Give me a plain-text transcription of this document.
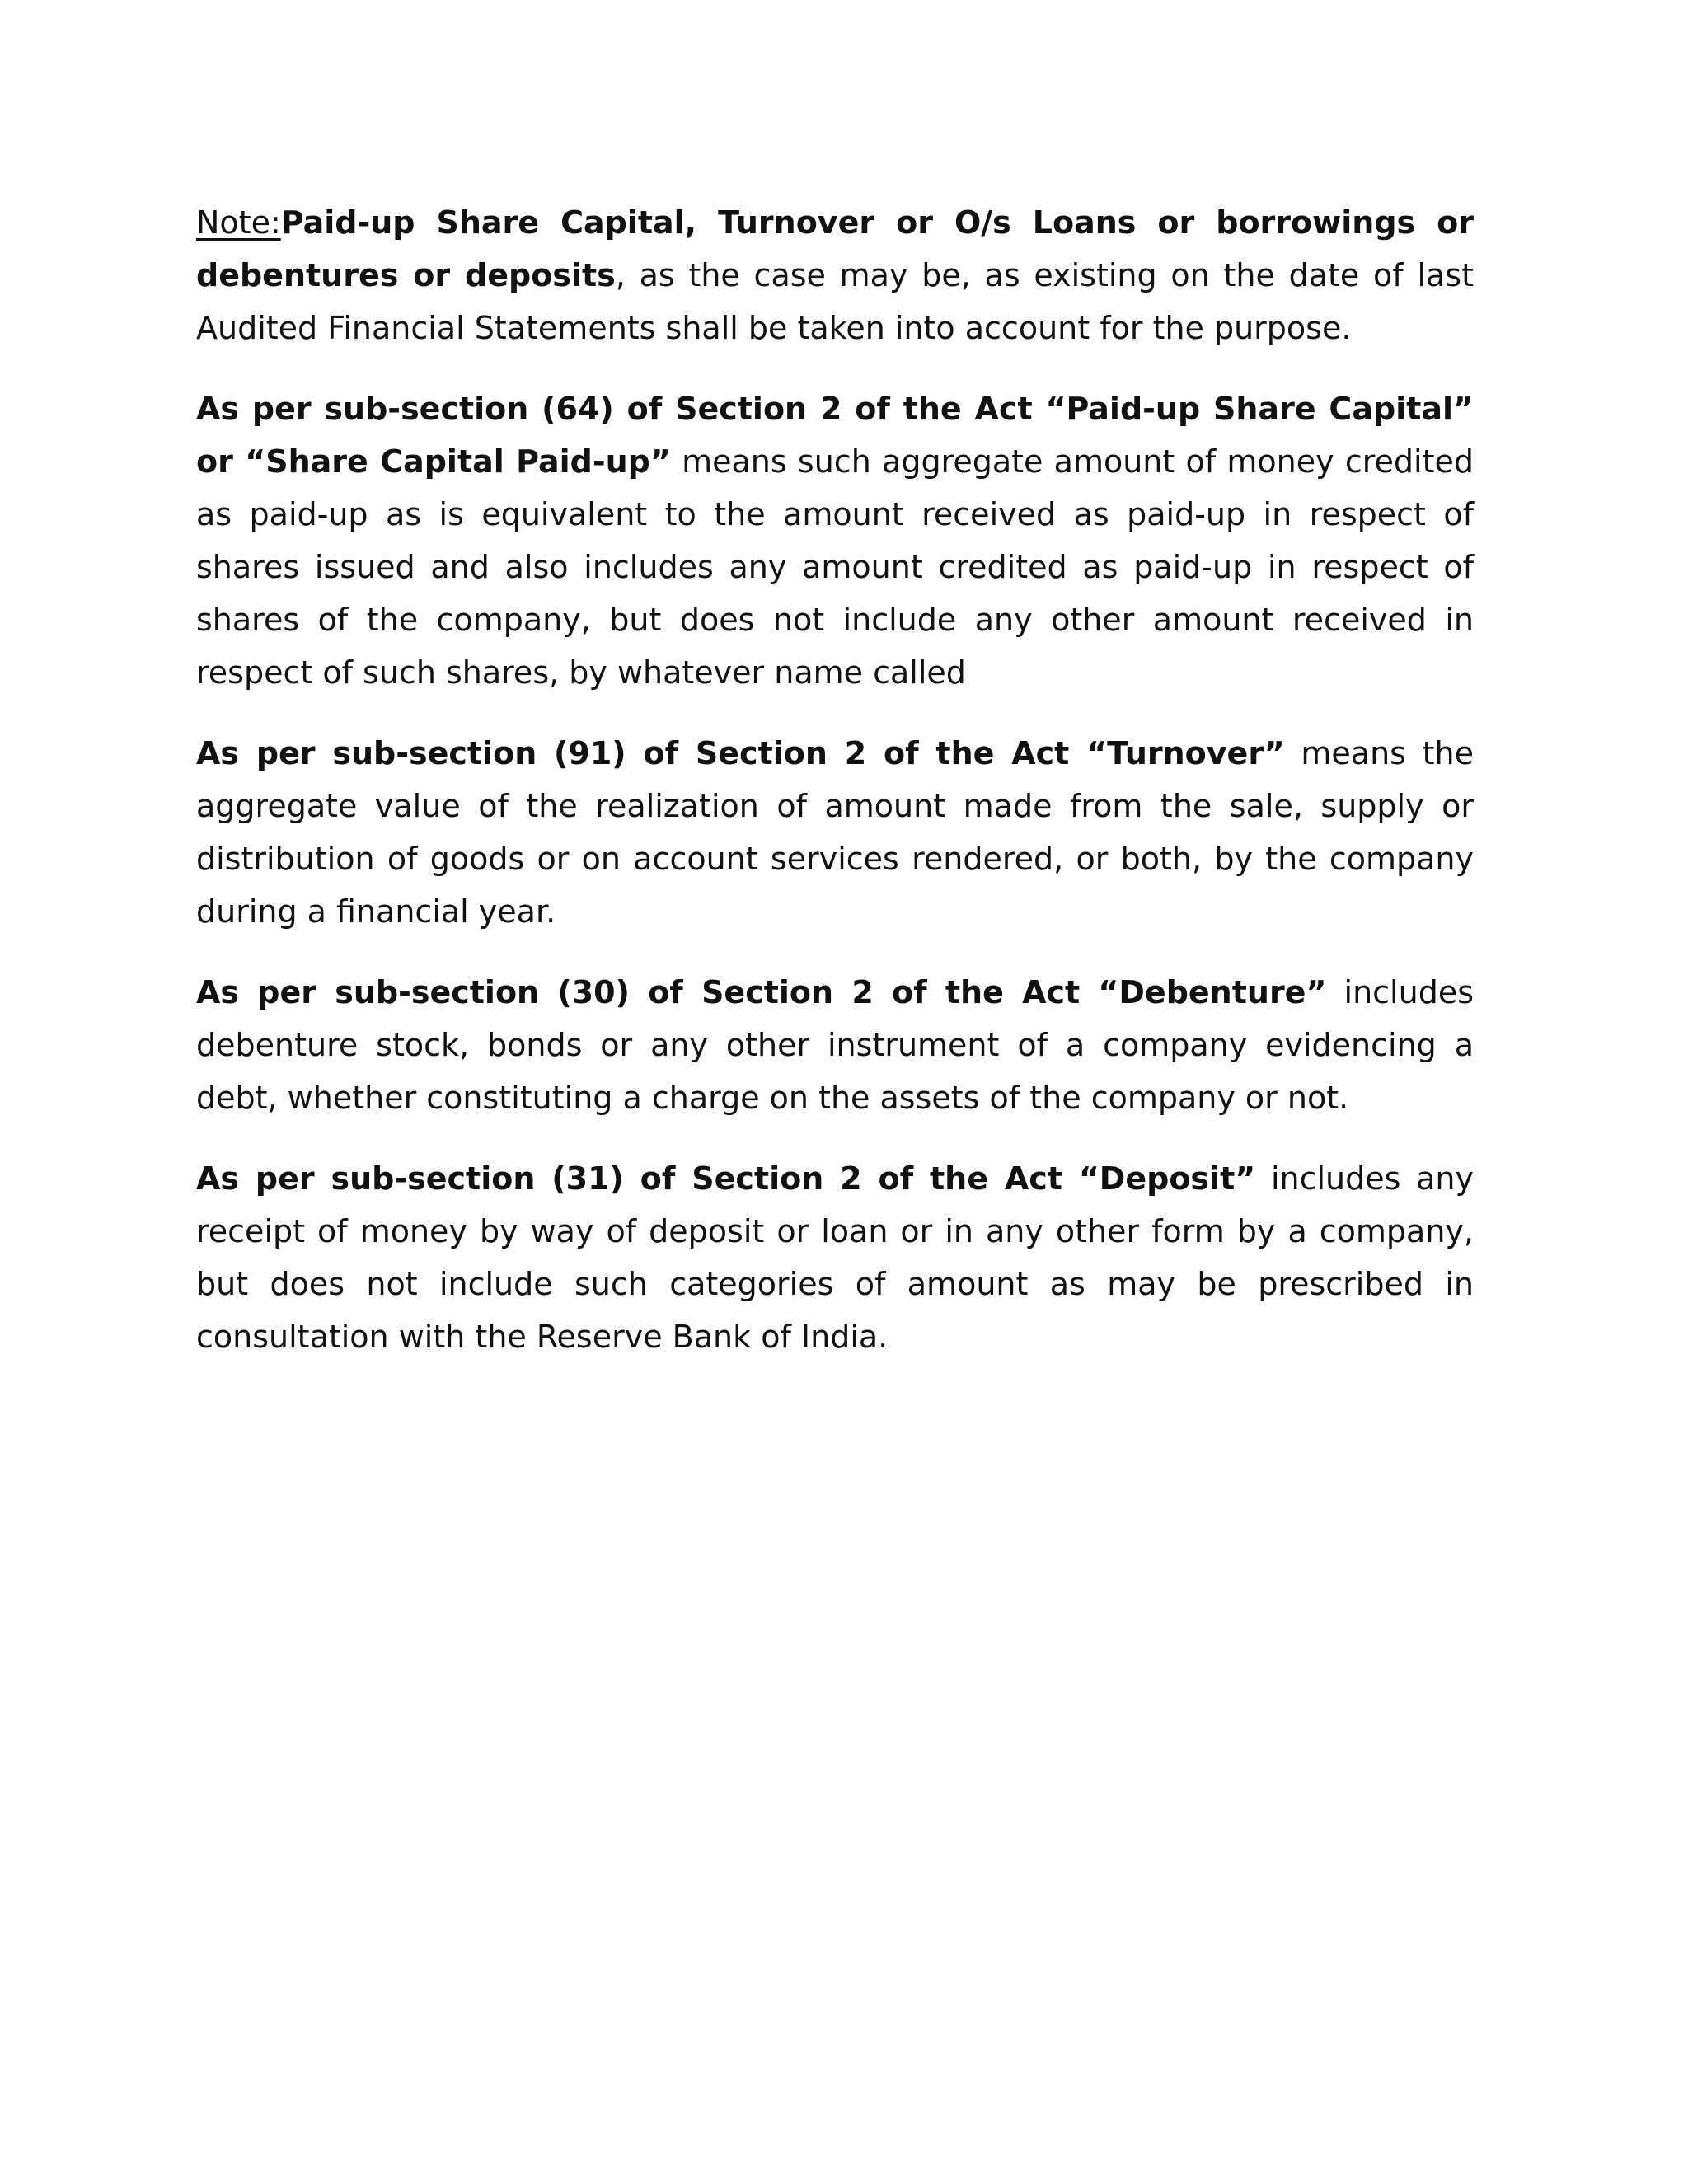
Note:Paid-up Share Capital, Turnover or O/s Loans or borrowings or debentures or deposits, as the case may be, as existing on the date of last Audited Financial Statements shall be taken into account for the purpose.

As per sub-section (64) of Section 2 of the Act “Paid-up Share Capital” or “Share Capital Paid-up” means such aggregate amount of money credited as paid-up as is equivalent to the amount received as paid-up in respect of shares issued and also includes any amount credited as paid-up in respect of shares of the company, but does not include any other amount received in respect of such shares, by whatever name called

As per sub-section (91) of Section 2 of the Act “Turnover” means the aggregate value of the realization of amount made from the sale, supply or distribution of goods or on account services rendered, or both, by the company during a financial year.

As per sub-section (30) of Section 2 of the Act “Debenture” includes debenture stock, bonds or any other instrument of a company evidencing a debt, whether constituting a charge on the assets of the company or not.

As per sub-section (31) of Section 2 of the Act “Deposit” includes any receipt of money by way of deposit or loan or in any other form by a company, but does not include such categories of amount as may be prescribed in consultation with the Reserve Bank of India.
